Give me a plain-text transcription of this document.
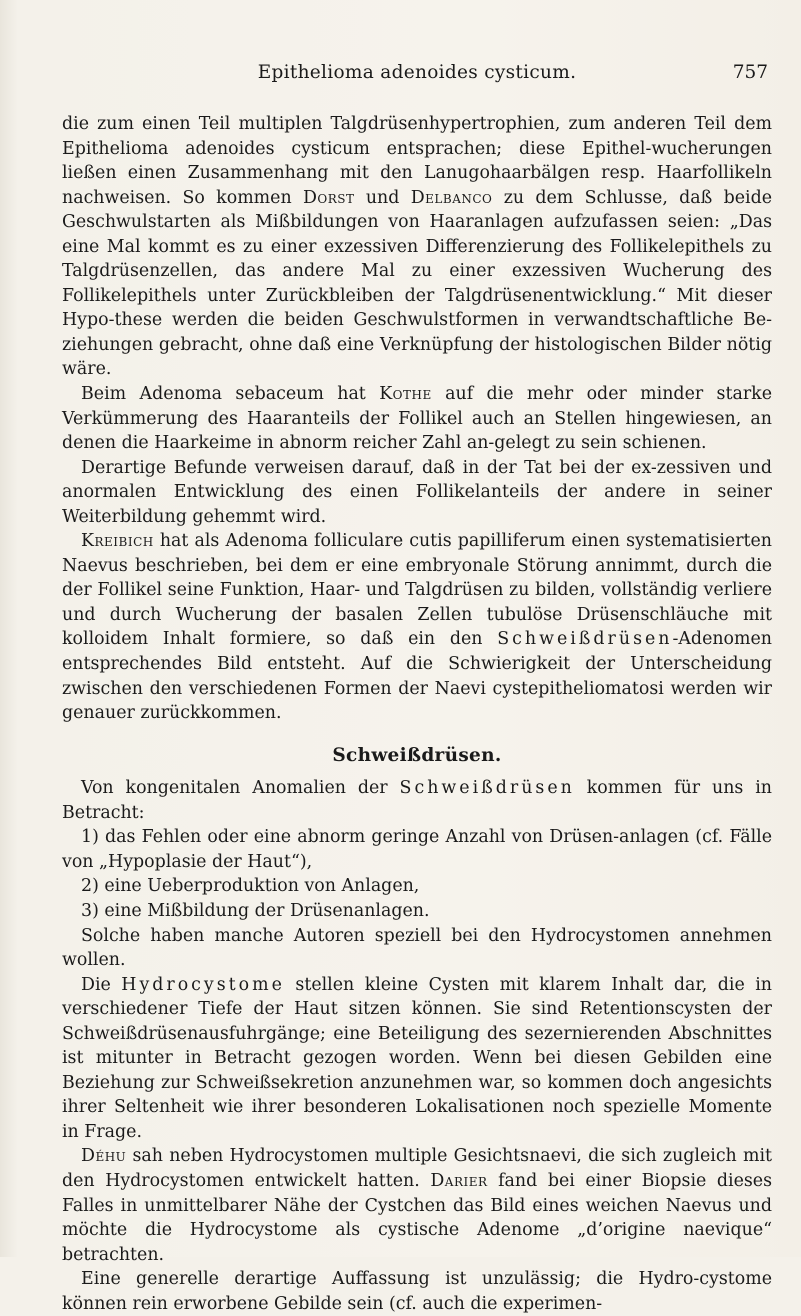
Epithelioma adenoides cysticum.	757

die zum einen Teil multiplen Talgdrüsenhypertrophien, zum anderen Teil dem Epithelioma adenoides cysticum entsprachen; diese Epithel-wucherungen ließen einen Zusammenhang mit den Lanugohaarbälgen resp. Haarfollikeln nachweisen. So kommen Dorst und Delbanco zu dem Schlusse, daß beide Geschwulstarten als Mißbildungen von Haaranlagen aufzufassen seien: „Das eine Mal kommt es zu einer exzessiven Differenzierung des Follikelepithels zu Talgdrüsenzellen, das andere Mal zu einer exzessiven Wucherung des Follikelepithels unter Zurückbleiben der Talgdrüsenentwicklung.“ Mit dieser Hypo-these werden die beiden Geschwulstformen in verwandtschaftliche Be-ziehungen gebracht, ohne daß eine Verknüpfung der histologischen Bilder nötig wäre.

Beim Adenoma sebaceum hat Kothe auf die mehr oder minder starke Verkümmerung des Haaranteils der Follikel auch an Stellen hingewiesen, an denen die Haarkeime in abnorm reicher Zahl an-gelegt zu sein schienen.

Derartige Befunde verweisen darauf, daß in der Tat bei der ex-zessiven und anormalen Entwicklung des einen Follikelanteils der andere in seiner Weiterbildung gehemmt wird.

Kreibich hat als Adenoma folliculare cutis papilliferum einen systematisierten Naevus beschrieben, bei dem er eine embryonale Störung annimmt, durch die der Follikel seine Funktion, Haar- und Talgdrüsen zu bilden, vollständig verliere und durch Wucherung der basalen Zellen tubulöse Drüsenschläuche mit kolloidem Inhalt formiere, so daß ein den Schweißdrüsen-Adenomen entsprechendes Bild entsteht. Auf die Schwierigkeit der Unterscheidung zwischen den verschiedenen Formen der Naevi cystepitheliomatosi werden wir genauer zurückkommen.

Schweißdrüsen.

Von kongenitalen Anomalien der Schweißdrüsen kommen für uns in Betracht:

1) das Fehlen oder eine abnorm geringe Anzahl von Drüsen-anlagen (cf. Fälle von „Hypoplasie der Haut“),

2) eine Ueberproduktion von Anlagen,

3) eine Mißbildung der Drüsenanlagen.

Solche haben manche Autoren speziell bei den Hydrocystomen annehmen wollen.

Die Hydrocystome stellen kleine Cysten mit klarem Inhalt dar, die in verschiedener Tiefe der Haut sitzen können. Sie sind Retentionscysten der Schweißdrüsenausfuhrgänge; eine Beteiligung des sezernierenden Abschnittes ist mitunter in Betracht gezogen worden. Wenn bei diesen Gebilden eine Beziehung zur Schweißsekretion anzunehmen war, so kommen doch angesichts ihrer Seltenheit wie ihrer besonderen Lokalisationen noch spezielle Momente in Frage.

Déhu sah neben Hydrocystomen multiple Gesichtsnaevi, die sich zugleich mit den Hydrocystomen entwickelt hatten. Darier fand bei einer Biopsie dieses Falles in unmittelbarer Nähe der Cystchen das Bild eines weichen Naevus und möchte die Hydrocystome als cystische Adenome „d’origine naevique“ betrachten.

Eine generelle derartige Auffassung ist unzulässig; die Hydro-cystome können rein erworbene Gebilde sein (cf. auch die experimen-
